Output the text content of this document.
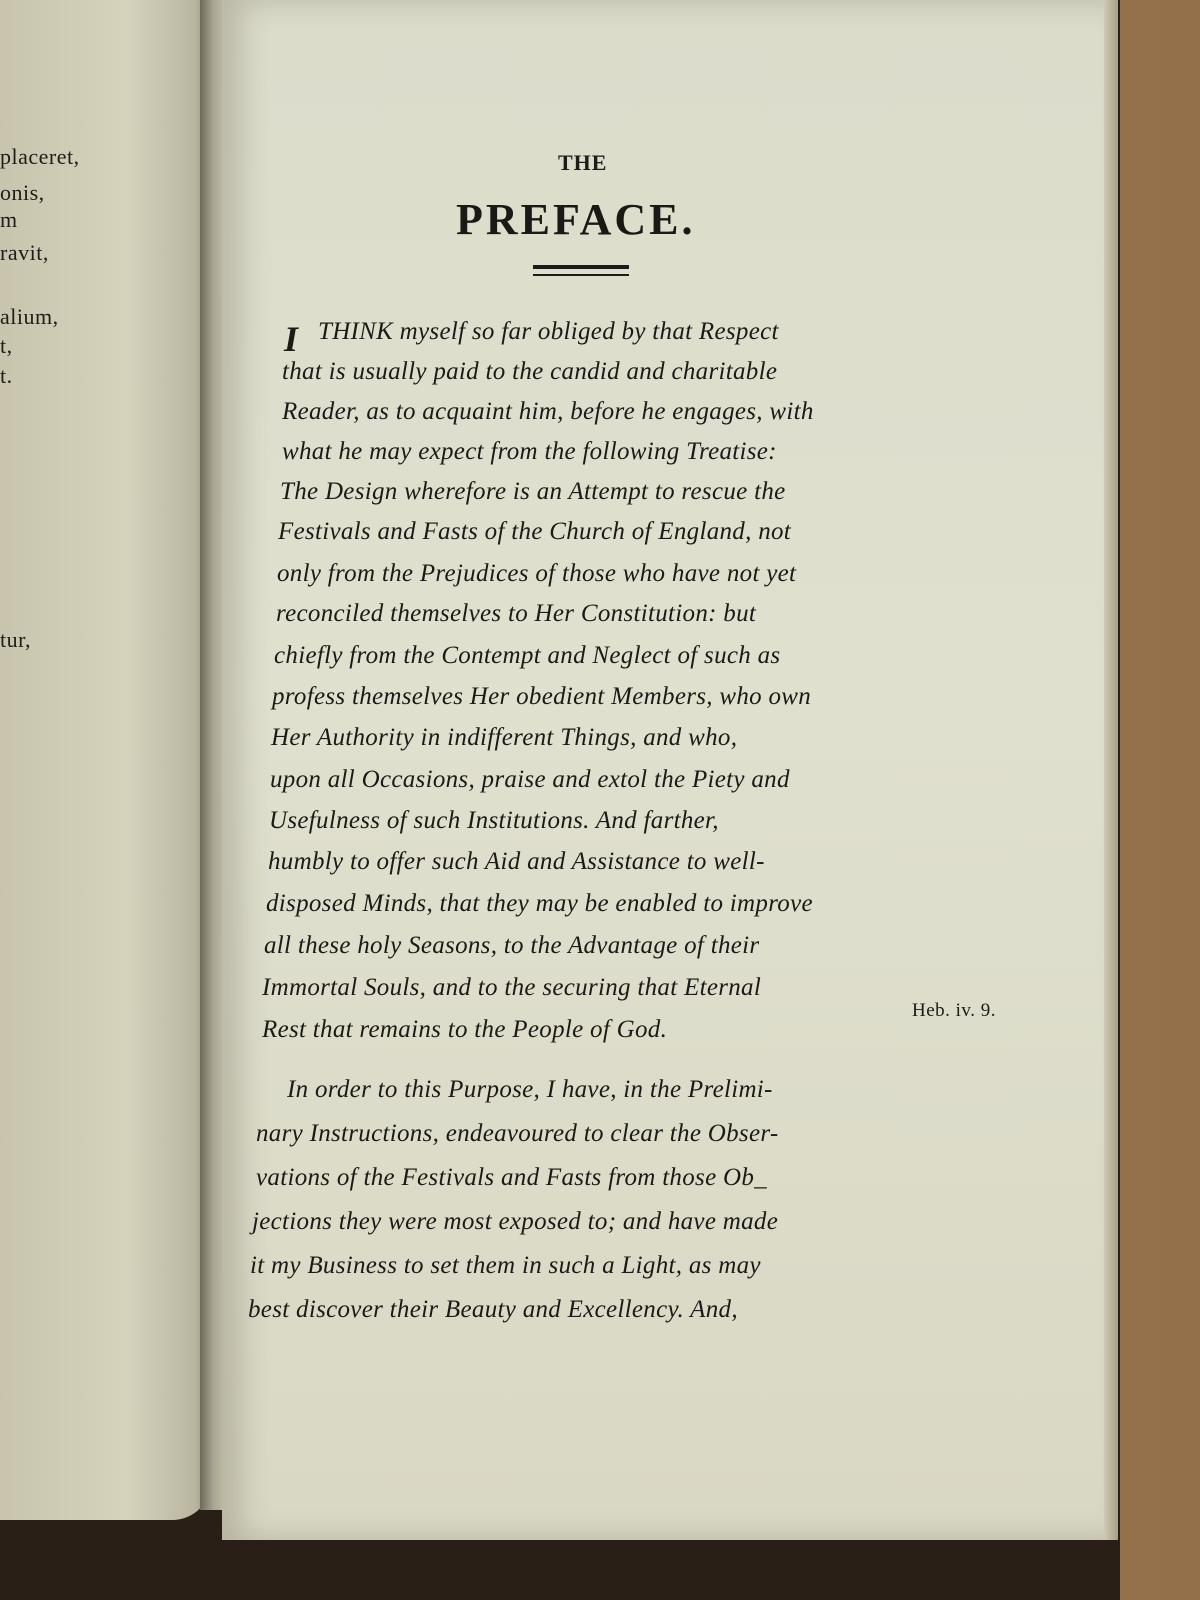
placeret,
onis,
m
ravit,
alium,
t,
t.
tur,
THE
PREFACE.
I THINK myself so far obliged by that Respect
that is usually paid to the candid and charitable
Reader, as to acquaint him, before he engages, with
what he may expect from the following Treatise:
The Design wherefore is an Attempt to rescue the
Festivals and Fasts of the Church of England, not
only from the Prejudices of those who have not yet
reconciled themselves to Her Constitution: but
chiefly from the Contempt and Neglect of such as
profess themselves Her obedient Members, who own
Her Authority in indifferent Things, and who,
upon all Occasions, praise and extol the Piety and
Usefulness of such Institutions. And farther,
humbly to offer such Aid and Assistance to well-
disposed Minds, that they may be enabled to improve
all these holy Seasons, to the Advantage of their
Immortal Souls, and to the securing that Eternal
Rest that remains to the People of God.
Heb. iv. 9.
In order to this Purpose, I have, in the Prelimi-
nary Instructions, endeavoured to clear the Obser-
vations of the Festivals and Fasts from those Ob_
jections they were most exposed to; and have made
it my Business to set them in such a Light, as may
best discover their Beauty and Excellency. And,
